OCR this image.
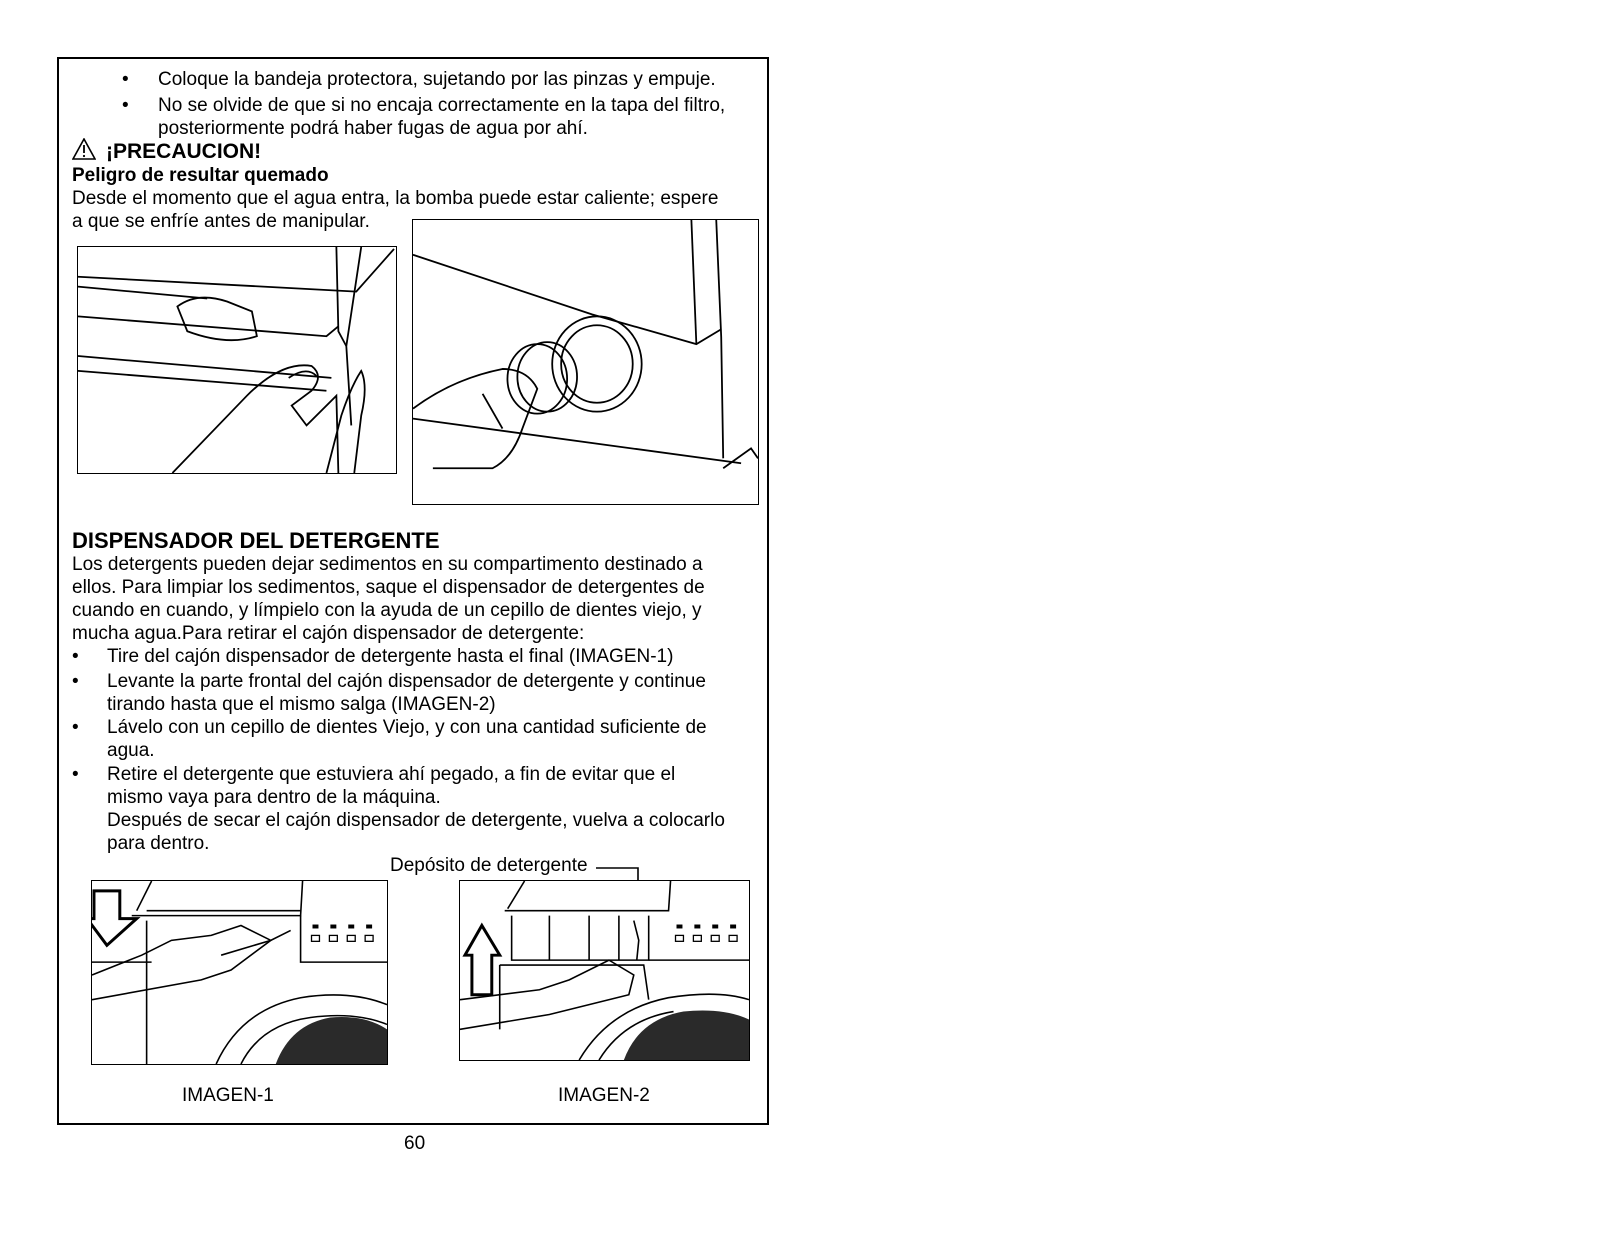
• Coloque la bandeja protectora, sujetando por las pinzas y empuje.
• No se olvide de que si no encaja correctamente en la tapa del filtro,
posteriormente podrá haber fugas de agua por ahí.
¡PRECAUCION!
Peligro de resultar quemado
Desde el momento que el agua entra, la bomba puede estar caliente; espere
a que se enfríe antes de manipular.
DISPENSADOR DEL DETERGENTE
Los detergents pueden dejar sedimentos en su compartimento destinado a
ellos. Para limpiar los sedimentos, saque el dispensador de detergentes de
cuando en cuando, y límpielo con la ayuda de un cepillo de dientes viejo, y
mucha agua.Para retirar el cajón dispensador de detergente:
• Tire del cajón dispensador de detergente hasta el final (IMAGEN-1)
• Levante la parte frontal del cajón dispensador de detergente y continue
tirando hasta que el mismo salga (IMAGEN-2)
• Lávelo con un cepillo de dientes Viejo, y con una cantidad suficiente de
agua.
• Retire el detergente que estuviera ahí pegado, a fin de evitar que el
mismo vaya para dentro de la máquina.
Después de secar el cajón dispensador de detergente, vuelva a colocarlo
para dentro.
Depósito de detergente
IMAGEN-1	IMAGEN-2
60
